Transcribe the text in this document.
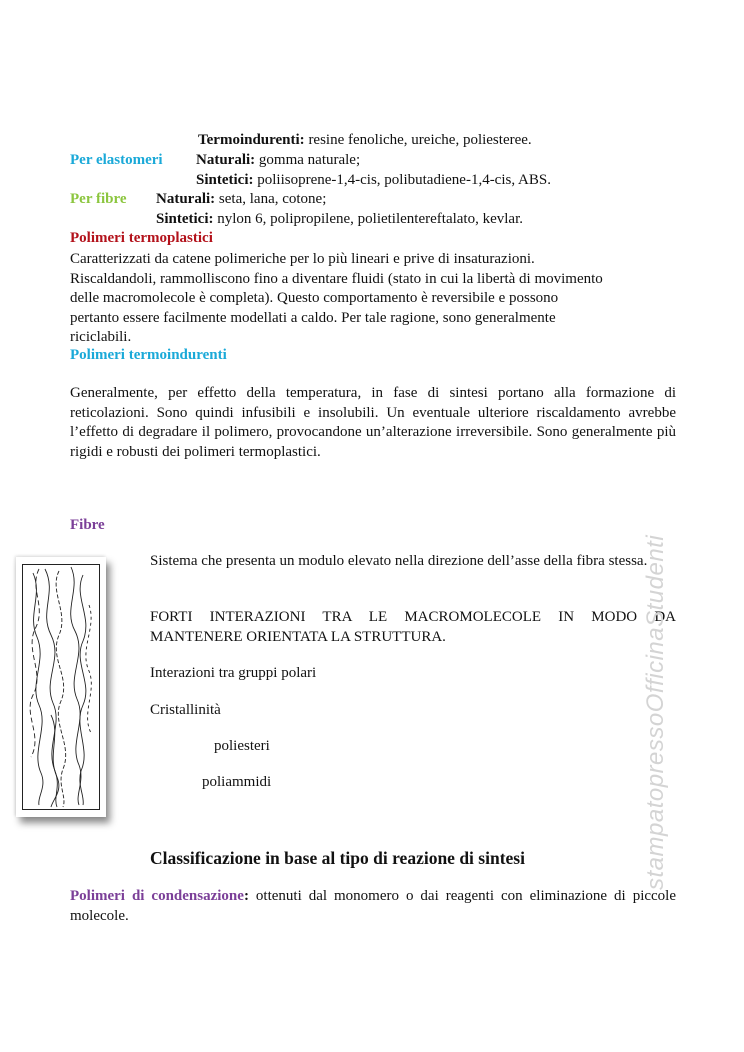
Termoindurenti: resine fenoliche, ureiche, poliesteree.
Per elastomeri Naturali: gomma naturale;
Sintetici: poliisoprene-1,4-cis, polibutadiene-1,4-cis, ABS.
Per fibre Naturali: seta, lana, cotone;
Sintetici: nylon 6, polipropilene, polietilentereftalato, kevlar.
Polimeri termoplastici
Caratterizzati da catene polimeriche per lo più lineari e prive di insaturazioni.
Riscaldandoli, rammolliscono fino a diventare fluidi (stato in cui la libertà di movimento
delle macromolecole è completa). Questo comportamento è reversibile e possono
pertanto essere facilmente modellati a caldo. Per tale ragione, sono generalmente
riciclabili.
Polimeri termoindurenti
Generalmente, per effetto della temperatura, in fase di sintesi portano alla formazione di reticolazioni. Sono quindi infusibili e insolubili. Un eventuale ulteriore riscaldamento avrebbe l’effetto di degradare il polimero, provocandone un’alterazione irreversibile. Sono generalmente più rigidi e robusti dei polimeri termoplastici.
Fibre
Sistema che presenta un modulo elevato nella direzione dell’asse della fibra stessa.
FORTI INTERAZIONI TRA LE MACROMOLECOLE IN MODO DA MANTENERE ORIENTATA LA STRUTTURA.
Interazioni tra gruppi polari
Cristallinità
poliesteri
poliammidi
Classificazione in base al tipo di reazione di sintesi
Polimeri di condensazione: ottenuti dal monomero o dai reagenti con eliminazione di piccole molecole.
stampatopressoOfficinaStudenti
